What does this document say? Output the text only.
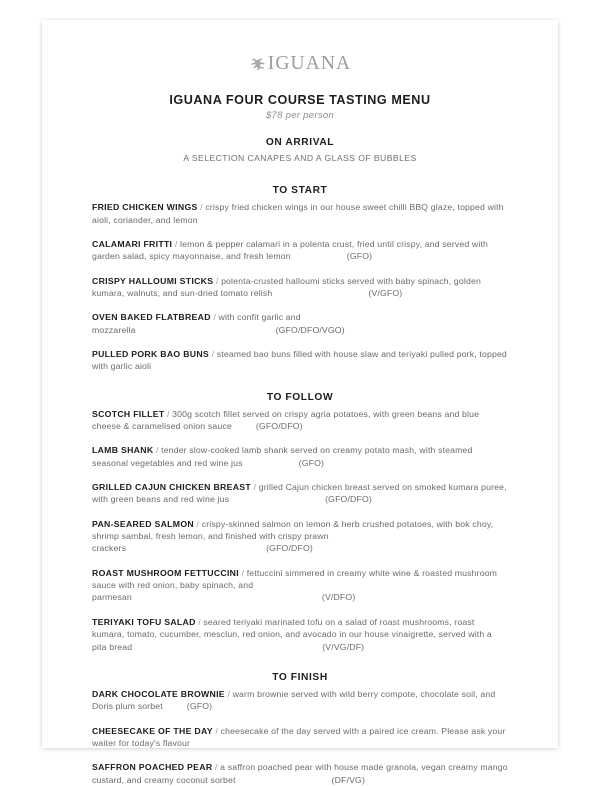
IGUANA
IGUANA FOUR COURSE TASTING MENU
$78 per person
ON ARRIVAL
A SELECTION CANAPES AND A GLASS OF BUBBLES
TO START
FRIED CHICKEN WINGS / crispy fried chicken wings in our house sweet chilli BBQ glaze, topped with aioli, coriander, and lemon
CALAMARI FRITTI / lemon & pepper calamari in a polenta crust, fried until crispy, and served with garden salad, spicy mayonnaise, and fresh lemon	(GFO)
CRISPY HALLOUMI STICKS / polenta-crusted halloumi sticks served with baby spinach, golden kumara, walnuts, and sun-dried tomato relish	(V/GFO)
OVEN BAKED FLATBREAD / with confit garlic and mozzarella	(GFO/DFO/VGO)
PULLED PORK BAO BUNS / steamed bao buns filled with house slaw and teriyaki pulled pork, topped with garlic aioli
TO FOLLOW
SCOTCH FILLET / 300g scotch fillet served on crispy agria potatoes, with green beans and blue cheese & caramelised onion sauce	(GFO/DFO)
LAMB SHANK / tender slow-cooked lamb shank served on creamy potato mash, with steamed seasonal vegetables and red wine jus	(GFO)
GRILLED CAJUN CHICKEN BREAST / grilled Cajun chicken breast served on smoked kumara puree, with green beans and red wine jus	(GFO/DFO)
PAN-SEARED SALMON / crispy-skinned salmon on lemon & herb crushed potatoes, with bok choy, shrimp sambal, fresh lemon, and finished with crispy prawn crackers	(GFO/DFO)
ROAST MUSHROOM FETTUCCINI / fettuccini simmered in creamy white wine & roasted mushroom sauce with red onion, baby spinach, and parmesan	(V/DFO)
TERIYAKI TOFU SALAD / seared teriyaki marinated tofu on a salad of roast mushrooms, roast kumara, tomato, cucumber, mesclun, red onion, and avocado in our house vinaigrette, served with a pita bread	(V/VG/DF)
TO FINISH
DARK CHOCOLATE BROWNIE / warm brownie served with wild berry compote, chocolate soil, and Doris plum sorbet	(GFO)
CHEESECAKE OF THE DAY / cheesecake of the day served with a paired ice cream. Please ask your waiter for today's flavour
SAFFRON POACHED PEAR / a saffron poached pear with house made granola, vegan creamy mango custard, and creamy coconut sorbet	(DF/VG)
